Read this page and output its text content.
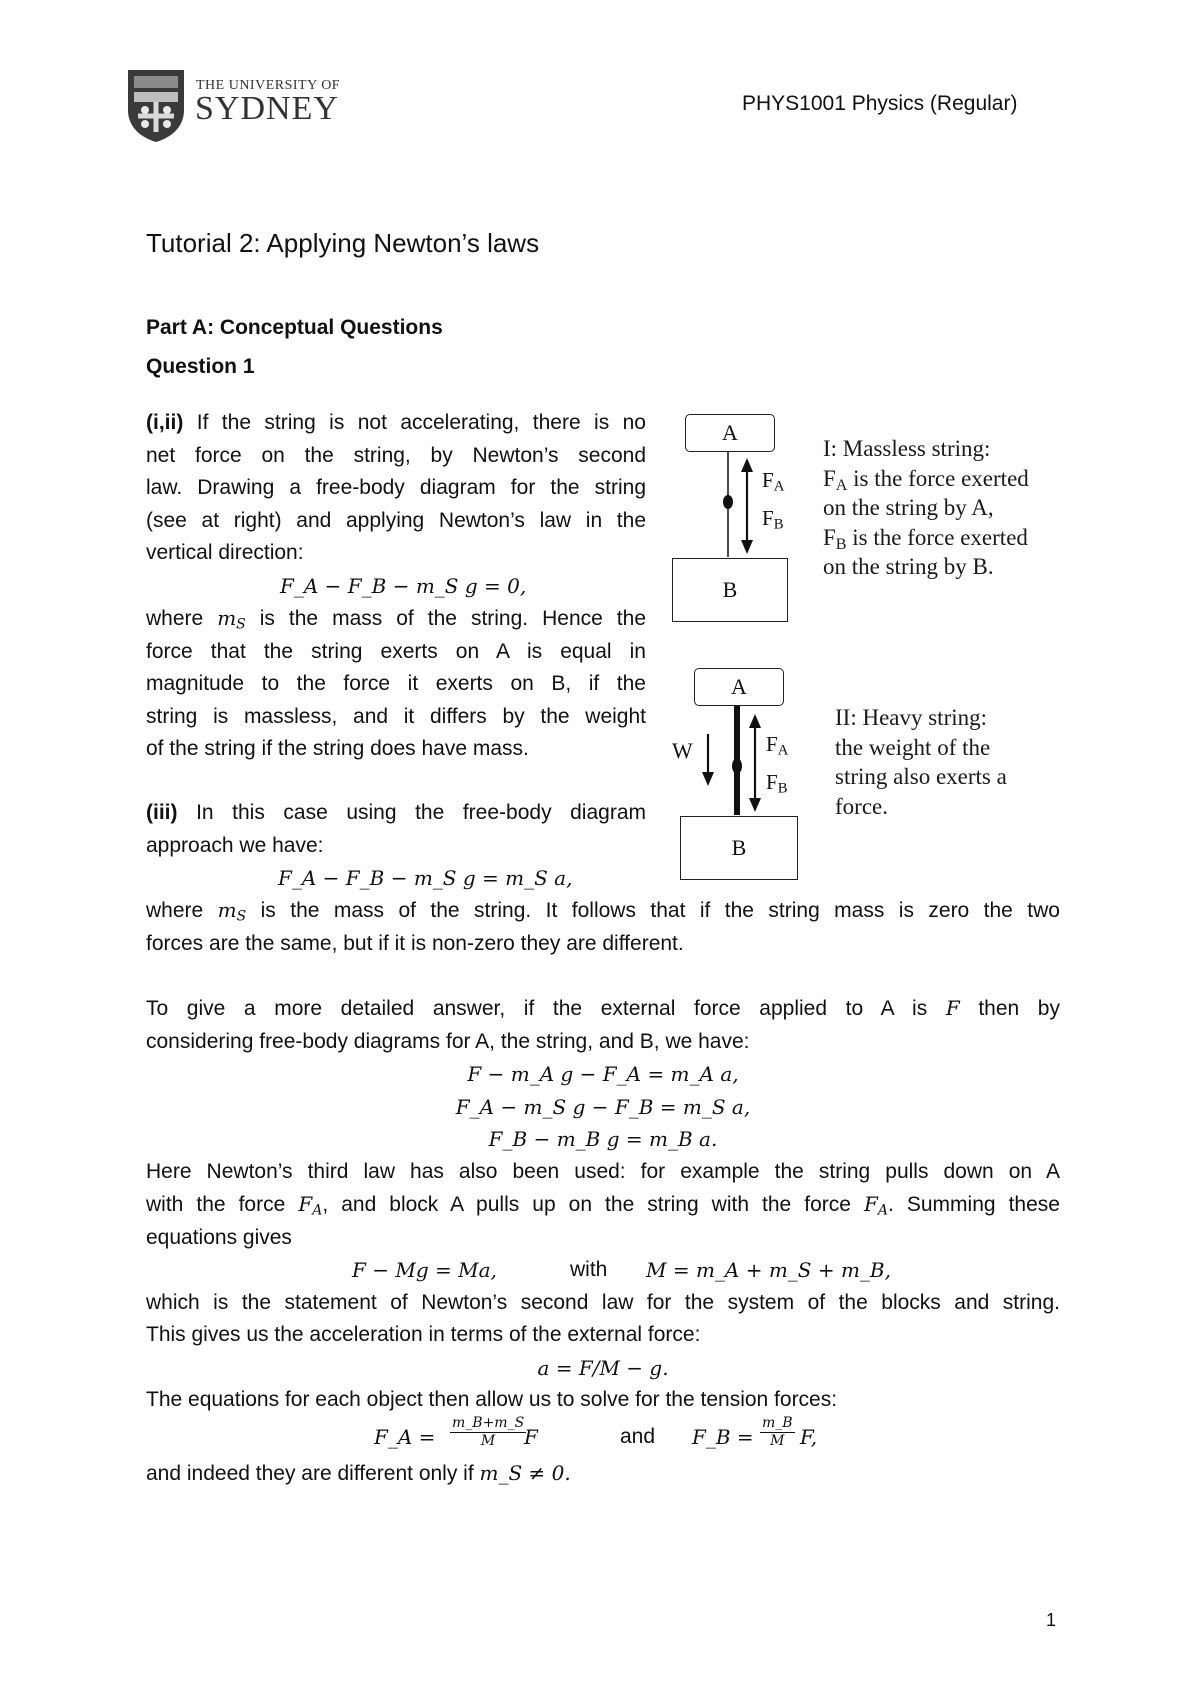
THE UNIVERSITY OF
SYDNEY	PHYS1001 Physics (Regular)
Tutorial 2: Applying Newton’s laws
Part A: Conceptual Questions
Question 1
(i,ii) If the string is not accelerating, there is no
net force on the string, by Newton’s second
law. Drawing a free-body diagram for the string
(see at right) and applying Newton’s law in the
vertical direction:
F_A − F_B − m_S g = 0,
where $m_S$ is the mass of the string. Hence the
force that the string exerts on A is equal in
magnitude to the force it exerts on B, if the
string is massless, and it differs by the weight
of the string if the string does have mass.
(iii) In this case using the free-body diagram
approach we have:
F_A − F_B − m_S g = m_S a,
where $m_S$ is the mass of the string. It follows that if the string mass is zero the two
forces are the same, but if it is non-zero they are different.
To give a more detailed answer, if the external force applied to A is F then by
considering free-body diagrams for A, the string, and B, we have:
F − m_A g − F_A = m_A a,
F_A − m_S g − F_B = m_S a,
F_B − m_B g = m_B a.
Here Newton’s third law has also been used: for example the string pulls down on A
with the force $F_A$, and block A pulls up on the string with the force $F_A$. Summing these
equations gives
F − Mg = Ma,	with M = m_A + m_S + m_B,
which is the statement of Newton’s second law for the system of the blocks and string.
This gives us the acceleration in terms of the external force:
a = F/M − g.
The equations for each object then allow us to solve for the tension forces:
F_A = $\frac{m\_B+m\_S}{M}$
F	and F_B = $\frac{m\_B}{M} F$,
and indeed they are different only if m_S ≠ 0.
A
B
$F_A$
$F_B$
I: Massless string:
$F_A$ is the force exerted
on the string by A,
$F_B$ is the force exerted
on the string by B.
A
B
W	$F_A$
$F_B$
II: Heavy string:
the weight of the
string also exerts a
force.
1
